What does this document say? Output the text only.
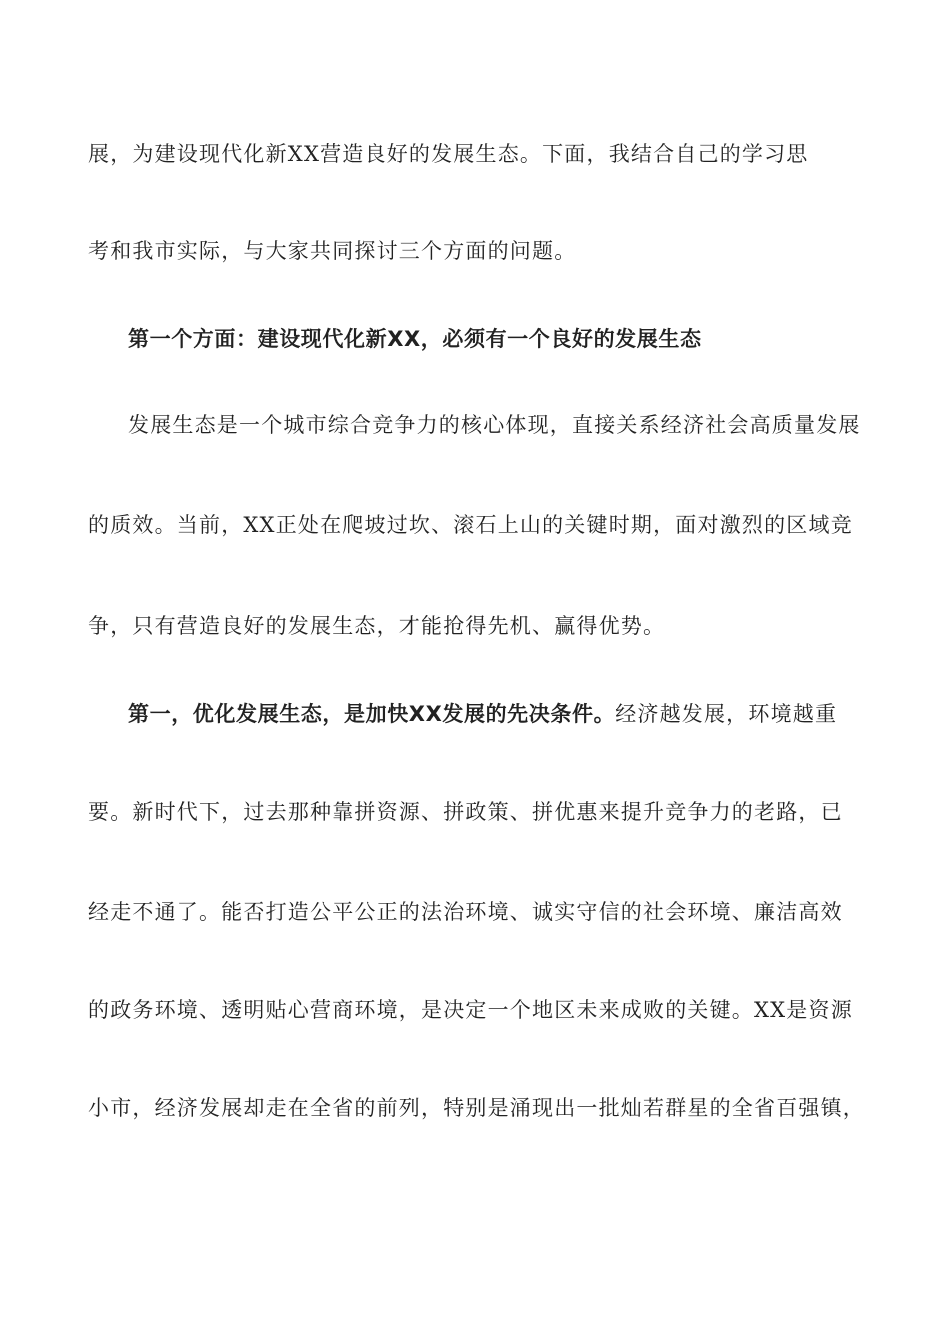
展，为建设现代化新XX营造良好的发展生态。下面，我结合自己的学习思
考和我市实际，与大家共同探讨三个方面的问题。
第一个方面：建设现代化新XX，必须有一个良好的发展生态
发展生态是一个城市综合竞争力的核心体现，直接关系经济社会高质量发展
的质效。当前，XX正处在爬坡过坎、滚石上山的关键时期，面对激烈的区域竞
争，只有营造良好的发展生态，才能抢得先机、赢得优势。
第一，优化发展生态，是加快XX发展的先决条件。经济越发展，环境越重
要。新时代下，过去那种靠拼资源、拼政策、拼优惠来提升竞争力的老路，已
经走不通了。能否打造公平公正的法治环境、诚实守信的社会环境、廉洁高效
的政务环境、透明贴心营商环境，是决定一个地区未来成败的关键。XX是资源
小市，经济发展却走在全省的前列，特别是涌现出一批灿若群星的全省百强镇，
